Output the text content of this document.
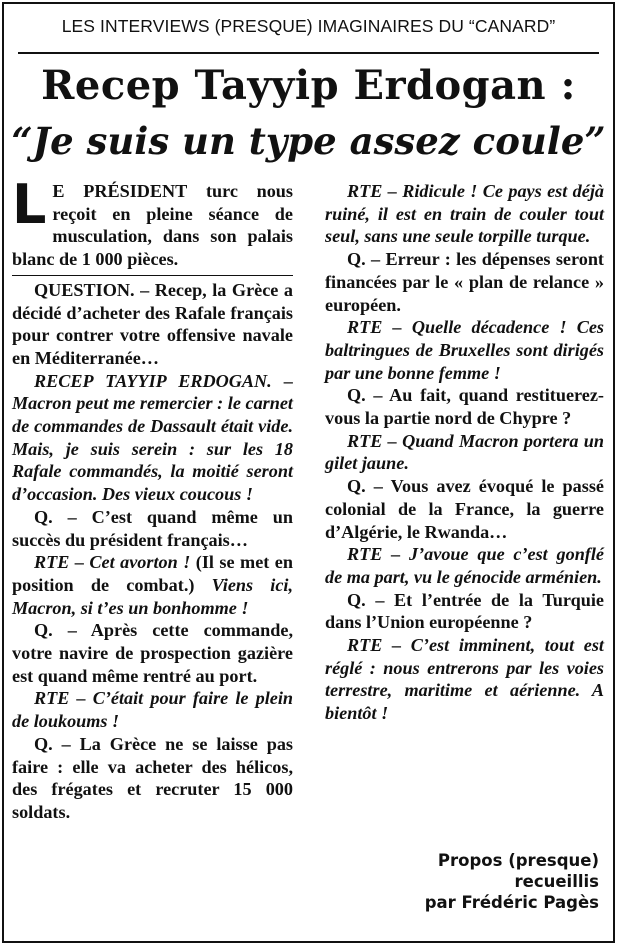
LES INTERVIEWS (PRESQUE) IMAGINAIRES DU “CANARD”
Recep Tayyip Erdogan :
“Je suis un type assez coule”

L E PRÉSIDENT turc nous reçoit en pleine séance de musculation, dans son palais blanc de 1 000 pièces.

QUESTION. – Recep, la Grèce a décidé d’acheter des Rafale français pour contrer votre offensive navale en Méditerranée…

RECEP TAYYIP ERDOGAN. – Macron peut me remercier : le carnet de commandes de Dassault était vide. Mais, je suis serein : sur les 18 Rafale commandés, la moitié seront d’occasion. Des vieux coucous !

Q. – C’est quand même un succès du président français…

RTE – Cet avorton ! (Il se met en position de combat.) Viens ici, Macron, si t’es un bonhomme !

Q. – Après cette commande, votre navire de prospection gazière est quand même rentré au port.

RTE – C’était pour faire le plein de loukoums !

Q. – La Grèce ne se laisse pas faire : elle va acheter des hélicos, des frégates et recruter 15 000 soldats.

RTE – Ridicule ! Ce pays est déjà ruiné, il est en train de couler tout seul, sans une seule torpille turque.

Q. – Erreur : les dépenses seront financées par le « plan de relance » européen.

RTE – Quelle décadence ! Ces baltringues de Bruxelles sont dirigés par une bonne femme !

Q. – Au fait, quand restituerez-vous la partie nord de Chypre ?

RTE – Quand Macron portera un gilet jaune.

Q. – Vous avez évoqué le passé colonial de la France, la guerre d’Algérie, le Rwanda…

RTE – J’avoue que c’est gonflé de ma part, vu le génocide arménien.

Q. – Et l’entrée de la Turquie dans l’Union européenne ?

RTE – C’est imminent, tout est réglé : nous entrerons par les voies terrestre, maritime et aérienne. A bientôt !

Propos (presque)
recueillis
par Frédéric Pagès
